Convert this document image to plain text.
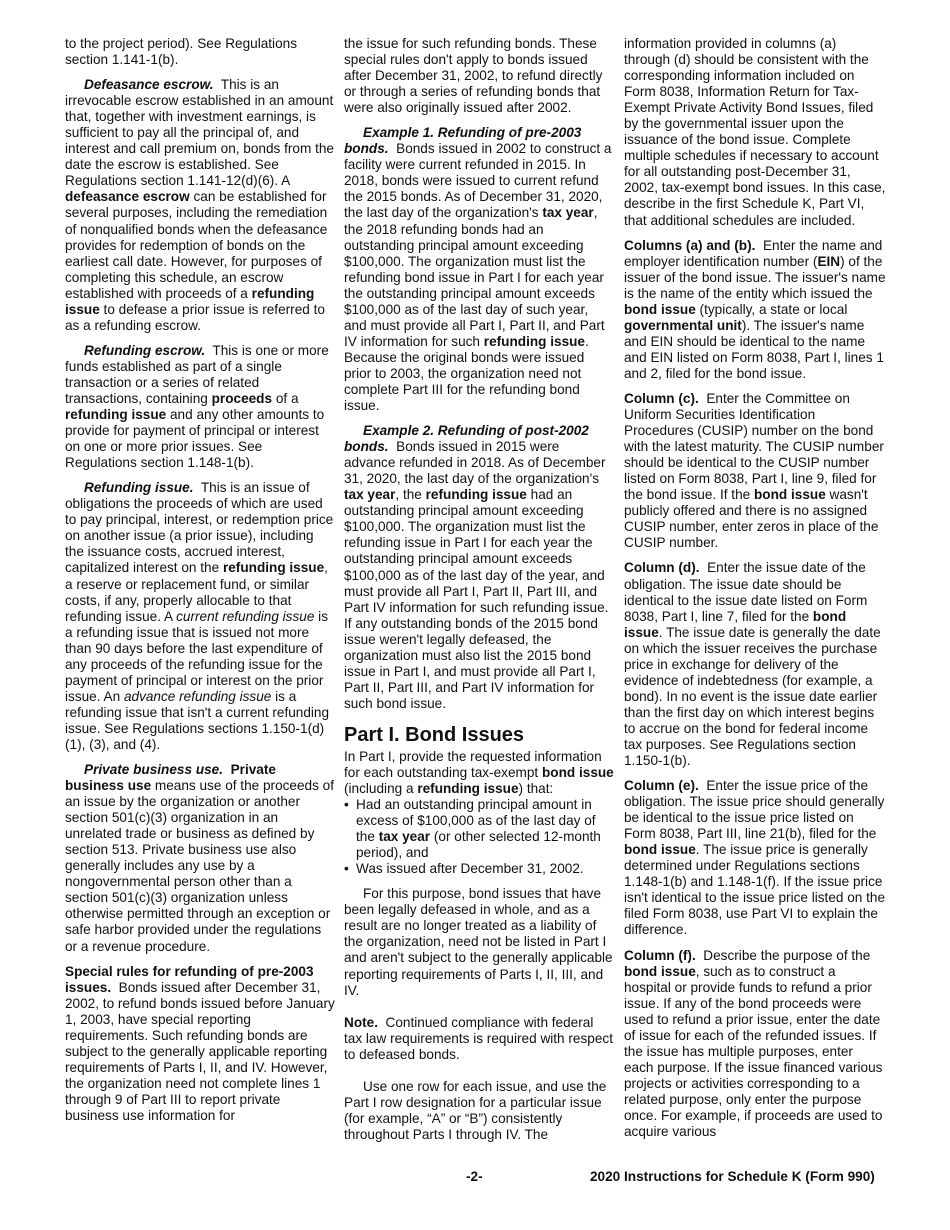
to the project period). See Regulations section 1.141-1(b).

Defeasance escrow. This is an irrevocable escrow established in an amount that, together with investment earnings, is sufficient to pay all the principal of, and interest and call premium on, bonds from the date the escrow is established. See Regulations section 1.141-12(d)(6). A defeasance escrow can be established for several purposes, including the remediation of nonqualified bonds when the defeasance provides for redemption of bonds on the earliest call date. However, for purposes of completing this schedule, an escrow established with proceeds of a refunding issue to defease a prior issue is referred to as a refunding escrow.

Refunding escrow. This is one or more funds established as part of a single transaction or a series of related transactions, containing proceeds of a refunding issue and any other amounts to provide for payment of principal or interest on one or more prior issues. See Regulations section 1.148-1(b).

Refunding issue. This is an issue of obligations the proceeds of which are used to pay principal, interest, or redemption price on another issue (a prior issue), including the issuance costs, accrued interest, capitalized interest on the refunding issue, a reserve or replacement fund, or similar costs, if any, properly allocable to that refunding issue. A current refunding issue is a refunding issue that is issued not more than 90 days before the last expenditure of any proceeds of the refunding issue for the payment of principal or interest on the prior issue. An advance refunding issue is a refunding issue that isn't a current refunding issue. See Regulations sections 1.150-1(d)(1), (3), and (4).

Private business use. Private business use means use of the proceeds of an issue by the organization or another section 501(c)(3) organization in an unrelated trade or business as defined by section 513. Private business use also generally includes any use by a nongovernmental person other than a section 501(c)(3) organization unless otherwise permitted through an exception or safe harbor provided under the regulations or a revenue procedure.

Special rules for refunding of pre-2003 issues. Bonds issued after December 31, 2002, to refund bonds issued before January 1, 2003, have special reporting requirements. Such refunding bonds are subject to the generally applicable reporting requirements of Parts I, II, and IV. However, the organization need not complete lines 1 through 9 of Part III to report private business use information for

the issue for such refunding bonds. These special rules don't apply to bonds issued after December 31, 2002, to refund directly or through a series of refunding bonds that were also originally issued after 2002.

Example 1. Refunding of pre-2003 bonds. Bonds issued in 2002 to construct a facility were current refunded in 2015. In 2018, bonds were issued to current refund the 2015 bonds. As of December 31, 2020, the last day of the organization's tax year, the 2018 refunding bonds had an outstanding principal amount exceeding $100,000. The organization must list the refunding bond issue in Part I for each year the outstanding principal amount exceeds $100,000 as of the last day of such year, and must provide all Part I, Part II, and Part IV information for such refunding issue. Because the original bonds were issued prior to 2003, the organization need not complete Part III for the refunding bond issue.

Example 2. Refunding of post-2002 bonds. Bonds issued in 2015 were advance refunded in 2018. As of December 31, 2020, the last day of the organization's tax year, the refunding issue had an outstanding principal amount exceeding $100,000. The organization must list the refunding issue in Part I for each year the outstanding principal amount exceeds $100,000 as of the last day of the year, and must provide all Part I, Part II, Part III, and Part IV information for such refunding issue. If any outstanding bonds of the 2015 bond issue weren't legally defeased, the organization must also list the 2015 bond issue in Part I, and must provide all Part I, Part II, Part III, and Part IV information for such bond issue.

Part I. Bond Issues

In Part I, provide the requested information for each outstanding tax-exempt bond issue (including a refunding issue) that:

• Had an outstanding principal amount in excess of $100,000 as of the last day of the tax year (or other selected 12-month period), and
• Was issued after December 31, 2002.

For this purpose, bond issues that have been legally defeased in whole, and as a result are no longer treated as a liability of the organization, need not be listed in Part I and aren't subject to the generally applicable reporting requirements of Parts I, II, III, and IV.

Note. Continued compliance with federal tax law requirements is required with respect to defeased bonds.

Use one row for each issue, and use the Part I row designation for a particular issue (for example, “A” or “B”) consistently throughout Parts I through IV. The

information provided in columns (a) through (d) should be consistent with the corresponding information included on Form 8038, Information Return for Tax-Exempt Private Activity Bond Issues, filed by the governmental issuer upon the issuance of the bond issue. Complete multiple schedules if necessary to account for all outstanding post-December 31, 2002, tax-exempt bond issues. In this case, describe in the first Schedule K, Part VI, that additional schedules are included.

Columns (a) and (b). Enter the name and employer identification number (EIN) of the issuer of the bond issue. The issuer's name is the name of the entity which issued the bond issue (typically, a state or local governmental unit). The issuer's name and EIN should be identical to the name and EIN listed on Form 8038, Part I, lines 1 and 2, filed for the bond issue.

Column (c). Enter the Committee on Uniform Securities Identification Procedures (CUSIP) number on the bond with the latest maturity. The CUSIP number should be identical to the CUSIP number listed on Form 8038, Part I, line 9, filed for the bond issue. If the bond issue wasn't publicly offered and there is no assigned CUSIP number, enter zeros in place of the CUSIP number.

Column (d). Enter the issue date of the obligation. The issue date should be identical to the issue date listed on Form 8038, Part I, line 7, filed for the bond issue. The issue date is generally the date on which the issuer receives the purchase price in exchange for delivery of the evidence of indebtedness (for example, a bond). In no event is the issue date earlier than the first day on which interest begins to accrue on the bond for federal income tax purposes. See Regulations section 1.150-1(b).

Column (e). Enter the issue price of the obligation. The issue price should generally be identical to the issue price listed on Form 8038, Part III, line 21(b), filed for the bond issue. The issue price is generally determined under Regulations sections 1.148-1(b) and 1.148-1(f). If the issue price isn't identical to the issue price listed on the filed Form 8038, use Part VI to explain the difference.

Column (f). Describe the purpose of the bond issue, such as to construct a hospital or provide funds to refund a prior issue. If any of the bond proceeds were used to refund a prior issue, enter the date of issue for each of the refunded issues. If the issue has multiple purposes, enter each purpose. If the issue financed various projects or activities corresponding to a related purpose, only enter the purpose once. For example, if proceeds are used to acquire various

-2-	2020 Instructions for Schedule K (Form 990)
